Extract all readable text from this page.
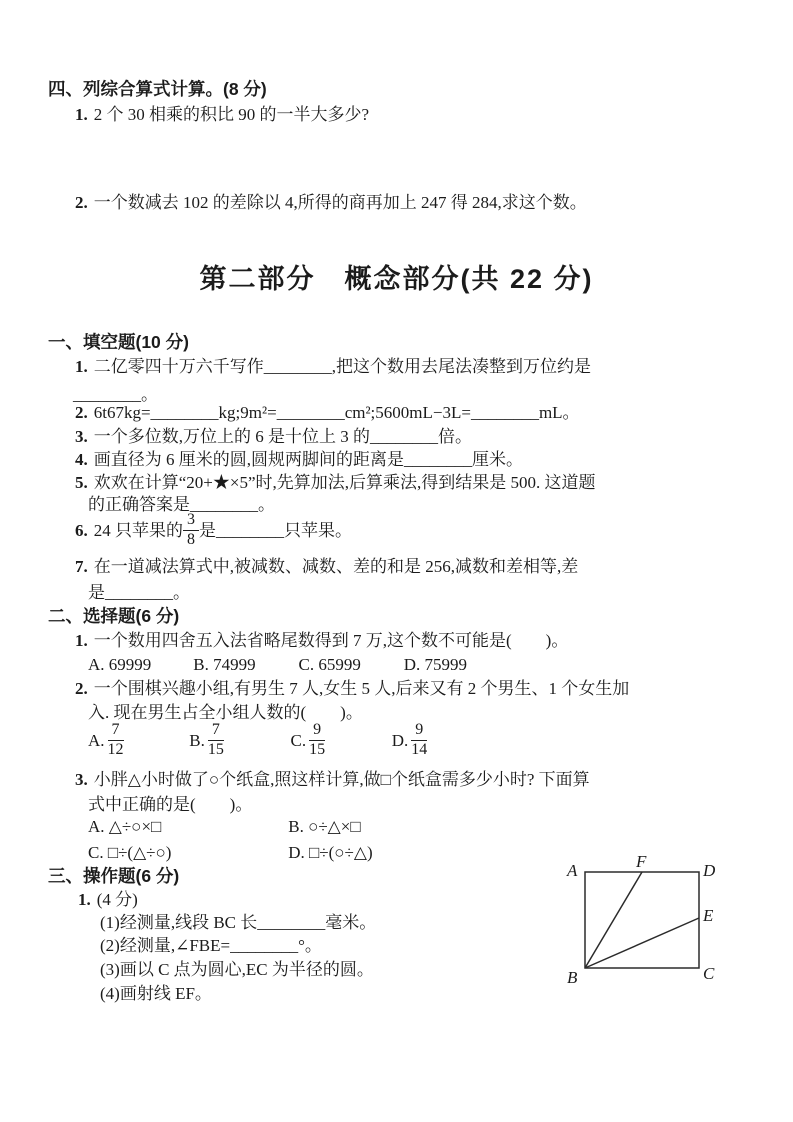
四、列综合算式计算。(8 分)
1. 2 个 30 相乘的积比 90 的一半大多少?
2. 一个数减去 102 的差除以 4,所得的商再加上 247 得 284,求这个数。
第二部分　概念部分(共 22 分)
一、填空题(10 分)
1. 二亿零四十万六千写作________,把这个数用去尾法凑整到万位约是
________。
2. 6t67kg=________kg;9m²=________cm²;5600mL−3L=________mL。
3. 一个多位数,万位上的 6 是十位上 3 的________倍。
4. 画直径为 6 厘米的圆,圆规两脚间的距离是________厘米。
5. 欢欢在计算“20+★×5”时,先算加法,后算乘法,得到结果是 500. 这道题
的正确答案是________。
6. 24 只苹果的 $\frac{3}{8}$ 是________只苹果。
7. 在一道减法算式中,被减数、减数、差的和是 256,减数和差相等,差
是________。
二、选择题(6 分)
1. 一个数用四舍五入法省略尾数得到 7 万,这个数不可能是(　　)。
A. 69999 B. 74999	C. 65999	D. 75999
2. 一个围棋兴趣小组,有男生 7 人,女生 5 人,后来又有 2 个男生、1 个女生加
入. 现在男生占全小组人数的(　　)。
A. $\frac{7}{12}$	B. $\frac{7}{15}$	C. $\frac{9}{15}$	D. $\frac{9}{14}$
3. 小胖△小时做了○个纸盒,照这样计算,做□个纸盒需多少小时? 下面算
式中正确的是(　　)。
A. △÷○×□	B. ○÷△×□
C. □÷(△÷○)	D. □÷(○÷△)
三、操作题(6 分)
1. (4 分)
(1)经测量,线段 BC 长________毫米。
(2)经测量,∠FBE=________°。
(3)画以 C 点为圆心,EC 为半径的圆。
(4)画射线 EF。
A	F	D
E
B	C
